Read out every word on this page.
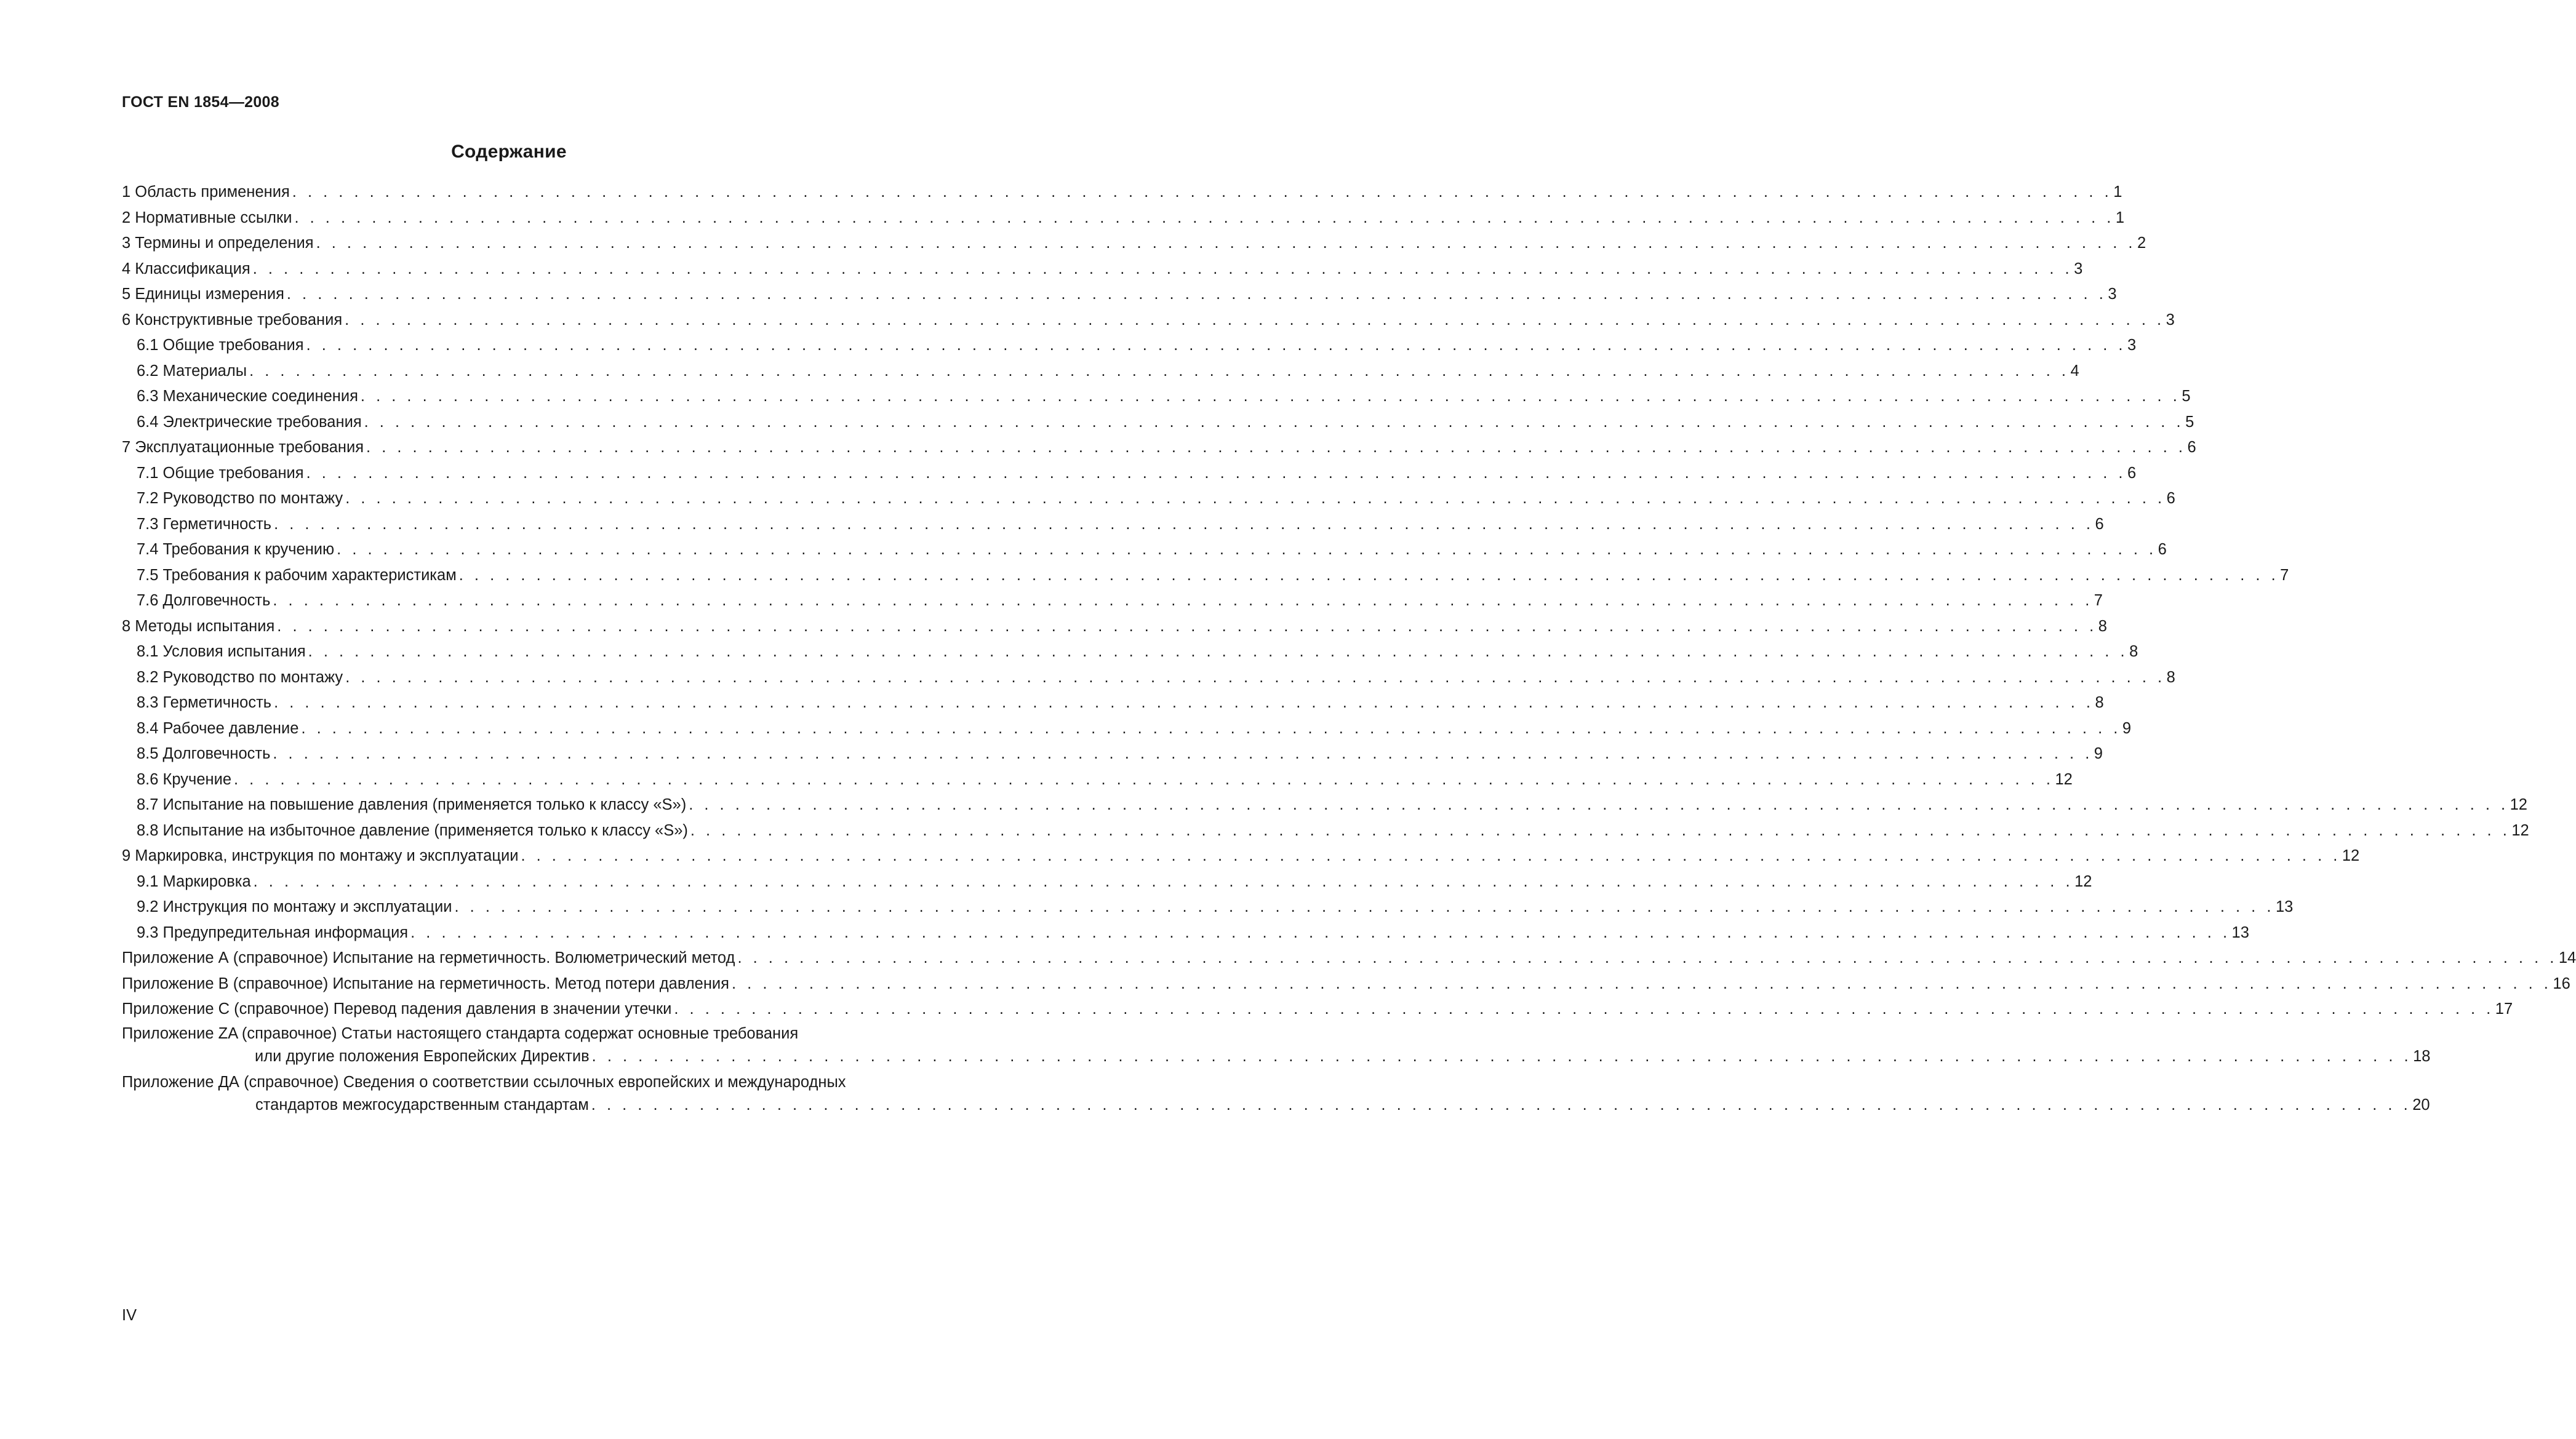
ГОСТ EN 1854—2008
Содержание
1 Область применения . . . . . . . . . . . . . . . . . . . . . . . . . . . . . . . . . . . . . . . . . . . . . . . . . . . . . . . . . . . . . . . . . . . . . . . . . . . . . . . . . . . . . . . . . . . . . . . . . . . . . . . . . . . . . . . . . . . . . . 1
2 Нормативные ссылки . . . . . . . . . . . . . . . . . . . . . . . . . . . . . . . . . . . . . . . . . . . . . . . . . . . . . . . . . . . . . . . . . . . . . . . . . . . . . . . . . . . . . . . . . . . . . . . . . . . . . . . . . . . . . . . . . . . . . . 1
3 Термины и определения . . . . . . . . . . . . . . . . . . . . . . . . . . . . . . . . . . . . . . . . . . . . . . . . . . . . . . . . . . . . . . . . . . . . . . . . . . . . . . . . . . . . . . . . . . . . . . . . . . . . . . . . . . . . . . . . . . . . . . 2
4 Классификация . . . . . . . . . . . . . . . . . . . . . . . . . . . . . . . . . . . . . . . . . . . . . . . . . . . . . . . . . . . . . . . . . . . . . . . . . . . . . . . . . . . . . . . . . . . . . . . . . . . . . . . . . . . . . . . . . . . . . . 3
5 Единицы измерения . . . . . . . . . . . . . . . . . . . . . . . . . . . . . . . . . . . . . . . . . . . . . . . . . . . . . . . . . . . . . . . . . . . . . . . . . . . . . . . . . . . . . . . . . . . . . . . . . . . . . . . . . . . . . . . . . . . . . . 3
6 Конструктивные требования . . . . . . . . . . . . . . . . . . . . . . . . . . . . . . . . . . . . . . . . . . . . . . . . . . . . . . . . . . . . . . . . . . . . . . . . . . . . . . . . . . . . . . . . . . . . . . . . . . . . . . . . . . . . . . . . . . . . . . 3
6.1 Общие требования . . . . . . . . . . . . . . . . . . . . . . . . . . . . . . . . . . . . . . . . . . . . . . . . . . . . . . . . . . . . . . . . . . . . . . . . . . . . . . . . . . . . . . . . . . . . . . . . . . . . . . . . . . . . . . . . . . . . . . 3
6.2 Материалы . . . . . . . . . . . . . . . . . . . . . . . . . . . . . . . . . . . . . . . . . . . . . . . . . . . . . . . . . . . . . . . . . . . . . . . . . . . . . . . . . . . . . . . . . . . . . . . . . . . . . . . . . . . . . . . . . . . . . . 4
6.3 Механические соединения . . . . . . . . . . . . . . . . . . . . . . . . . . . . . . . . . . . . . . . . . . . . . . . . . . . . . . . . . . . . . . . . . . . . . . . . . . . . . . . . . . . . . . . . . . . . . . . . . . . . . . . . . . . . . . . . . . . . . . 5
6.4 Электрические требования . . . . . . . . . . . . . . . . . . . . . . . . . . . . . . . . . . . . . . . . . . . . . . . . . . . . . . . . . . . . . . . . . . . . . . . . . . . . . . . . . . . . . . . . . . . . . . . . . . . . . . . . . . . . . . . . . . . . . . 5
7 Эксплуатационные требования . . . . . . . . . . . . . . . . . . . . . . . . . . . . . . . . . . . . . . . . . . . . . . . . . . . . . . . . . . . . . . . . . . . . . . . . . . . . . . . . . . . . . . . . . . . . . . . . . . . . . . . . . . . . . . . . . . . . . . 6
7.1 Общие требования . . . . . . . . . . . . . . . . . . . . . . . . . . . . . . . . . . . . . . . . . . . . . . . . . . . . . . . . . . . . . . . . . . . . . . . . . . . . . . . . . . . . . . . . . . . . . . . . . . . . . . . . . . . . . . . . . . . . . . 6
7.2 Руководство по монтажу . . . . . . . . . . . . . . . . . . . . . . . . . . . . . . . . . . . . . . . . . . . . . . . . . . . . . . . . . . . . . . . . . . . . . . . . . . . . . . . . . . . . . . . . . . . . . . . . . . . . . . . . . . . . . . . . . . . . . . 6
7.3 Герметичность . . . . . . . . . . . . . . . . . . . . . . . . . . . . . . . . . . . . . . . . . . . . . . . . . . . . . . . . . . . . . . . . . . . . . . . . . . . . . . . . . . . . . . . . . . . . . . . . . . . . . . . . . . . . . . . . . . . . . . 6
7.4 Требования к кручению . . . . . . . . . . . . . . . . . . . . . . . . . . . . . . . . . . . . . . . . . . . . . . . . . . . . . . . . . . . . . . . . . . . . . . . . . . . . . . . . . . . . . . . . . . . . . . . . . . . . . . . . . . . . . . . . . . . . . . 6
7.5 Требования к рабочим характеристикам . . . . . . . . . . . . . . . . . . . . . . . . . . . . . . . . . . . . . . . . . . . . . . . . . . . . . . . . . . . . . . . . . . . . . . . . . . . . . . . . . . . . . . . . . . . . . . . . . . . . . . . . . . . . . . . . . . . . . . 7
7.6 Долговечность . . . . . . . . . . . . . . . . . . . . . . . . . . . . . . . . . . . . . . . . . . . . . . . . . . . . . . . . . . . . . . . . . . . . . . . . . . . . . . . . . . . . . . . . . . . . . . . . . . . . . . . . . . . . . . . . . . . . . . 7
8 Методы испытания . . . . . . . . . . . . . . . . . . . . . . . . . . . . . . . . . . . . . . . . . . . . . . . . . . . . . . . . . . . . . . . . . . . . . . . . . . . . . . . . . . . . . . . . . . . . . . . . . . . . . . . . . . . . . . . . . . . . . . 8
8.1 Условия испытания . . . . . . . . . . . . . . . . . . . . . . . . . . . . . . . . . . . . . . . . . . . . . . . . . . . . . . . . . . . . . . . . . . . . . . . . . . . . . . . . . . . . . . . . . . . . . . . . . . . . . . . . . . . . . . . . . . . . . . 8
8.2 Руководство по монтажу . . . . . . . . . . . . . . . . . . . . . . . . . . . . . . . . . . . . . . . . . . . . . . . . . . . . . . . . . . . . . . . . . . . . . . . . . . . . . . . . . . . . . . . . . . . . . . . . . . . . . . . . . . . . . . . . . . . . . . 8
8.3 Герметичность . . . . . . . . . . . . . . . . . . . . . . . . . . . . . . . . . . . . . . . . . . . . . . . . . . . . . . . . . . . . . . . . . . . . . . . . . . . . . . . . . . . . . . . . . . . . . . . . . . . . . . . . . . . . . . . . . . . . . . 8
8.4 Рабочее давление . . . . . . . . . . . . . . . . . . . . . . . . . . . . . . . . . . . . . . . . . . . . . . . . . . . . . . . . . . . . . . . . . . . . . . . . . . . . . . . . . . . . . . . . . . . . . . . . . . . . . . . . . . . . . . . . . . . . . . 9
8.5 Долговечность . . . . . . . . . . . . . . . . . . . . . . . . . . . . . . . . . . . . . . . . . . . . . . . . . . . . . . . . . . . . . . . . . . . . . . . . . . . . . . . . . . . . . . . . . . . . . . . . . . . . . . . . . . . . . . . . . . . . . . 9
8.6 Кручение . . . . . . . . . . . . . . . . . . . . . . . . . . . . . . . . . . . . . . . . . . . . . . . . . . . . . . . . . . . . . . . . . . . . . . . . . . . . . . . . . . . . . . . . . . . . . . . . . . . . . . . . . . . . . . . . . . . . . . 12
8.7 Испытание на повышение давления (применяется только к классу «S») . . . . . . . . . . . . . . . . . . . . . . . . . . . . . . . . . . . . . . . . . . . . . . . . . . . . . . . . . . . . . . . . . . . . . . . . . . . . . . . . . . . . . . . . . . . . . . . . . . . . . . . . . . . . . . . . . . . . . . 12
8.8 Испытание на избыточное давление (применяется только к классу «S») . . . . . . . . . . . . . . . . . . . . . . . . . . . . . . . . . . . . . . . . . . . . . . . . . . . . . . . . . . . . . . . . . . . . . . . . . . . . . . . . . . . . . . . . . . . . . . . . . . . . . . . . . . . . . . . . . . . . . . 12
9 Маркировка, инструкция по монтажу и эксплуатации . . . . . . . . . . . . . . . . . . . . . . . . . . . . . . . . . . . . . . . . . . . . . . . . . . . . . . . . . . . . . . . . . . . . . . . . . . . . . . . . . . . . . . . . . . . . . . . . . . . . . . . . . . . . . . . . . . . . . . 12
9.1 Маркировка . . . . . . . . . . . . . . . . . . . . . . . . . . . . . . . . . . . . . . . . . . . . . . . . . . . . . . . . . . . . . . . . . . . . . . . . . . . . . . . . . . . . . . . . . . . . . . . . . . . . . . . . . . . . . . . . . . . . . . 12
9.2 Инструкция по монтажу и эксплуатации . . . . . . . . . . . . . . . . . . . . . . . . . . . . . . . . . . . . . . . . . . . . . . . . . . . . . . . . . . . . . . . . . . . . . . . . . . . . . . . . . . . . . . . . . . . . . . . . . . . . . . . . . . . . . . . . . . . . . . 13
9.3 Предупредительная информация . . . . . . . . . . . . . . . . . . . . . . . . . . . . . . . . . . . . . . . . . . . . . . . . . . . . . . . . . . . . . . . . . . . . . . . . . . . . . . . . . . . . . . . . . . . . . . . . . . . . . . . . . . . . . . . . . . . . . . 13
Приложение А (справочное) Испытание на герметичность. Волюметрический метод . . . . . . . . . . . . . . . . . . . . . . . . . . . . . . . . . . . . . . . . . . . . . . . . . . . . . . . . . . . . . . . . . . . . . . . . . . . . . . . . . . . . . . . . . . . . . . . . . . . . . . . . . . . . . . . . . . . . . . 14
Приложение В (справочное) Испытание на герметичность. Метод потери давления . . . . . . . . . . . . . . . . . . . . . . . . . . . . . . . . . . . . . . . . . . . . . . . . . . . . . . . . . . . . . . . . . . . . . . . . . . . . . . . . . . . . . . . . . . . . . . . . . . . . . . . . . . . . . . . . . . . . . . 16
Приложение С (справочное) Перевод падения давления в значении утечки . . . . . . . . . . . . . . . . . . . . . . . . . . . . . . . . . . . . . . . . . . . . . . . . . . . . . . . . . . . . . . . . . . . . . . . . . . . . . . . . . . . . . . . . . . . . . . . . . . . . . . . . . . . . . . . . . . . . . . 17
Приложение ZA (справочное) Статьи настоящего стандарта содержат основные требования
или другие положения Европейских Директив . . . . . . . . . . . . . . . . . . . . . . . . . . . . . . . . . . . . . . . . . . . . . . . . . . . . . . . . . . . . . . . . . . . . . . . . . . . . . . . . . . . . . . . . . . . . . . . . . . . . . . . . . . . . . . . . . . . . . . 18
Приложение ДА (справочное) Сведения о соответствии ссылочных европейских и международных
стандартов межгосударственным стандартам . . . . . . . . . . . . . . . . . . . . . . . . . . . . . . . . . . . . . . . . . . . . . . . . . . . . . . . . . . . . . . . . . . . . . . . . . . . . . . . . . . . . . . . . . . . . . . . . . . . . . . . . . . . . . . . . . . . . . . 20
IV
